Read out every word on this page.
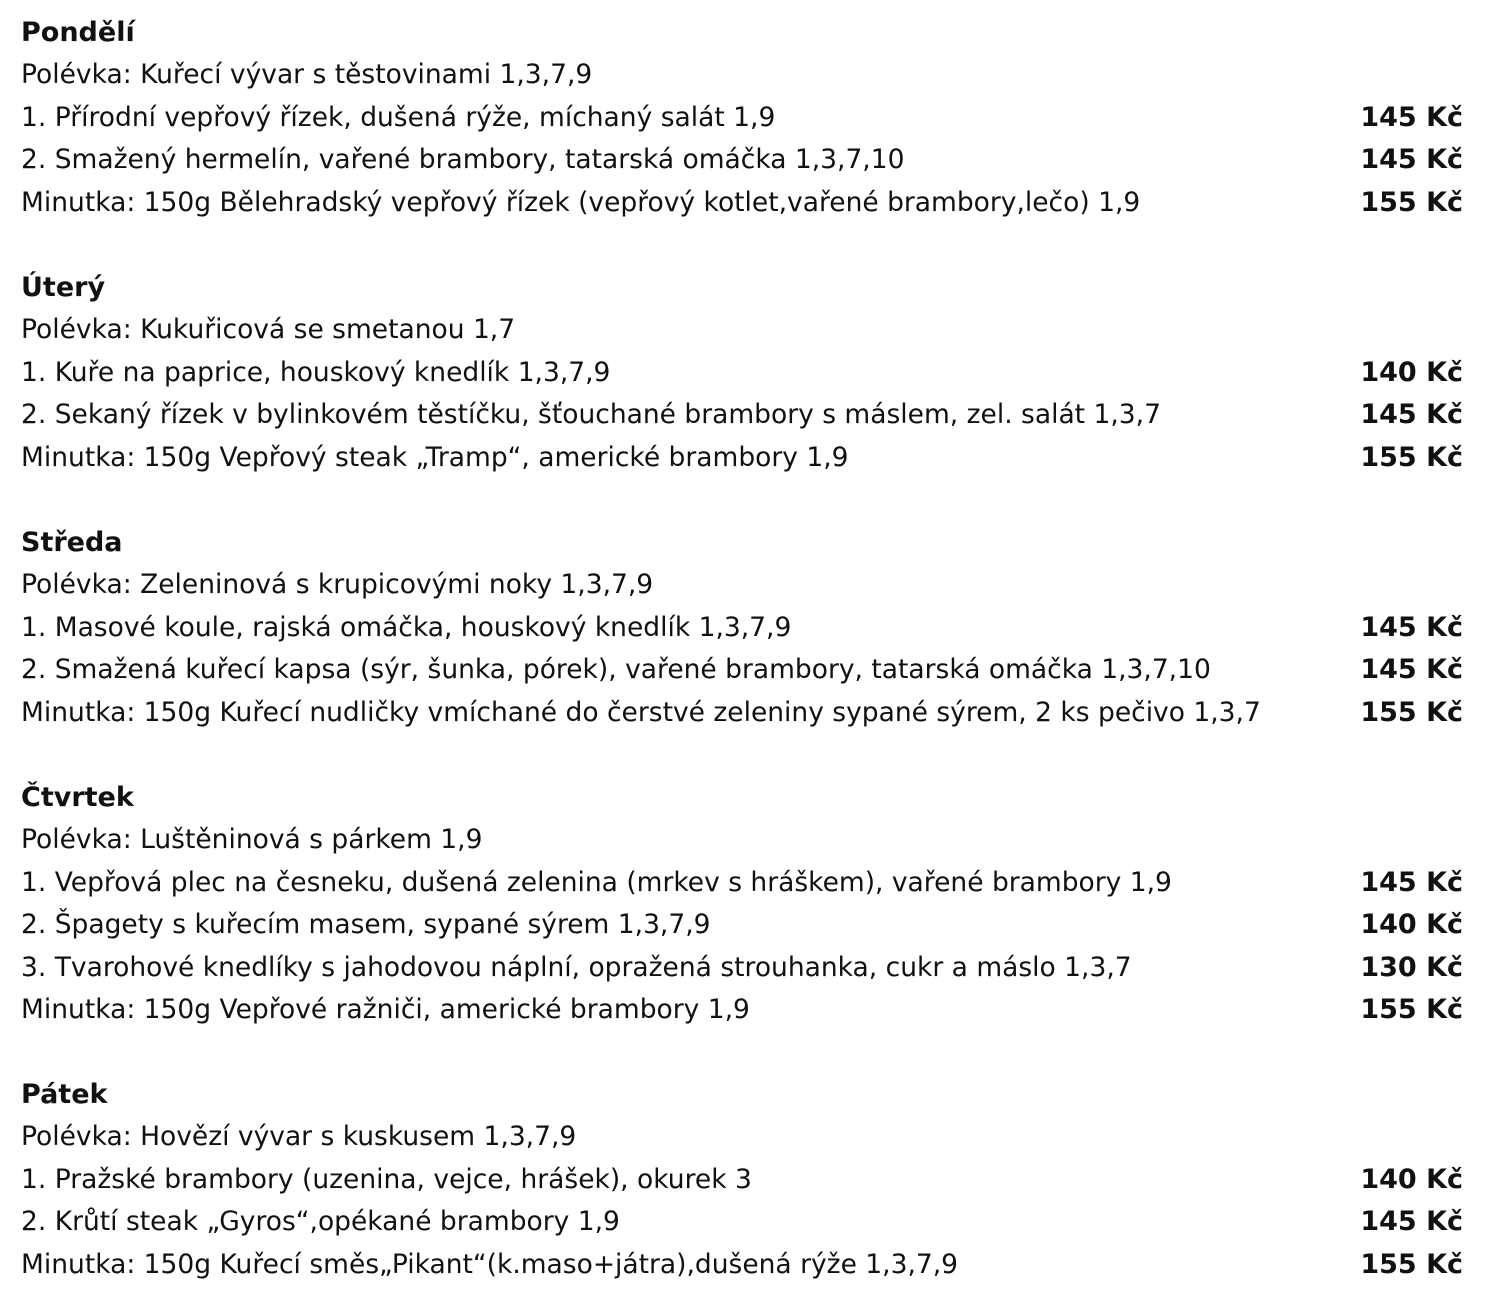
Pondělí
Polévka: Kuřecí vývar s těstovinami 1,3,7,9
1. Přírodní vepřový řízek, dušená rýže, míchaný salát 1,9	145 Kč
2. Smažený hermelín, vařené brambory, tatarská omáčka 1,3,7,10	145 Kč
Minutka: 150g Bělehradský vepřový řízek (vepřový kotlet,vařené brambory,lečo) 1,9	155 Kč
Úterý
Polévka: Kukuřicová se smetanou 1,7
1. Kuře na paprice, houskový knedlík 1,3,7,9	140 Kč
2. Sekaný řízek v bylinkovém těstíčku, šťouchané brambory s máslem, zel. salát 1,3,7	145 Kč
Minutka: 150g Vepřový steak „Tramp“, americké brambory 1,9	155 Kč
Středa
Polévka: Zeleninová s krupicovými noky 1,3,7,9
1. Masové koule, rajská omáčka, houskový knedlík 1,3,7,9	145 Kč
2. Smažená kuřecí kapsa (sýr, šunka, pórek), vařené brambory, tatarská omáčka 1,3,7,10	145 Kč
Minutka: 150g Kuřecí nudličky vmíchané do čerstvé zeleniny sypané sýrem, 2 ks pečivo 1,3,7	155 Kč
Čtvrtek
Polévka: Luštěninová s párkem 1,9
1. Vepřová plec na česneku, dušená zelenina (mrkev s hráškem), vařené brambory 1,9	145 Kč
2. Špagety s kuřecím masem, sypané sýrem 1,3,7,9	140 Kč
3. Tvarohové knedlíky s jahodovou náplní, opražená strouhanka, cukr a máslo 1,3,7	130 Kč
Minutka: 150g Vepřové ražniči, americké brambory 1,9	155 Kč
Pátek
Polévka: Hovězí vývar s kuskusem 1,3,7,9
1. Pražské brambory (uzenina, vejce, hrášek), okurek 3	140 Kč
2. Krůtí steak „Gyros“,opékané brambory 1,9	145 Kč
Minutka: 150g Kuřecí směs„Pikant“(k.maso+játra),dušená rýže 1,3,7,9	155 Kč
